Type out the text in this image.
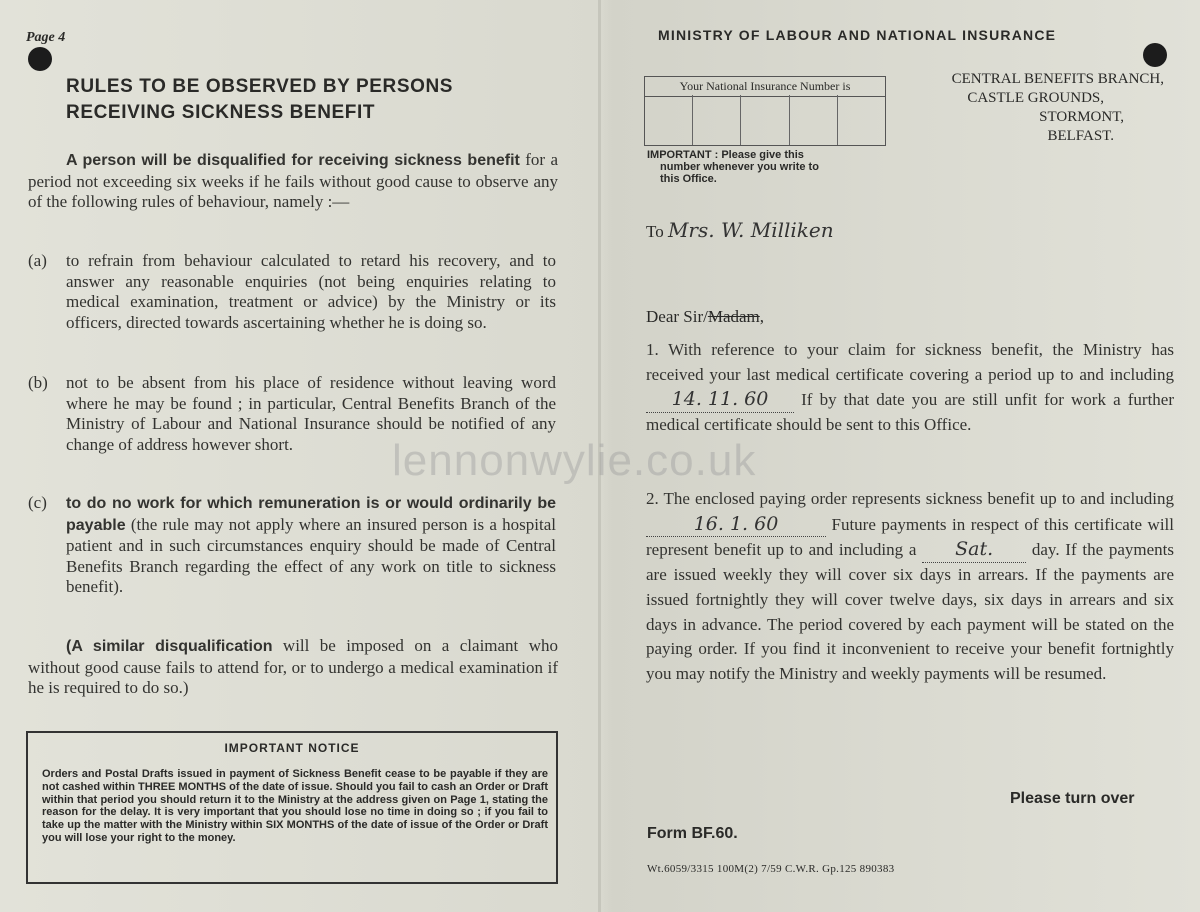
Page 4
RULES TO BE OBSERVED BY PERSONS
RECEIVING SICKNESS BENEFIT
A person will be disqualified for receiving sickness benefit for a period not exceeding six weeks if he fails without good cause to observe any of the following rules of behaviour, namely :—
(a) to refrain from behaviour calculated to retard his recovery, and to answer any reasonable enquiries (not being enquiries relating to medical examination, treatment or advice) by the Ministry or its officers, directed towards ascertaining whether he is doing so.
(b) not to be absent from his place of residence without leaving word where he may be found ; in particular, Central Benefits Branch of the Ministry of Labour and National Insurance should be notified of any change of address however short.
(c) to do no work for which remuneration is or would ordinarily be payable (the rule may not apply where an insured person is a hospital patient and in such circumstances enquiry should be made of Central Benefits Branch regarding the effect of any work on title to sickness benefit).
(A similar disqualification will be imposed on a claimant who without good cause fails to attend for, or to undergo a medical examination if he is required to do so.)
IMPORTANT NOTICE
Orders and Postal Drafts issued in payment of Sickness Benefit cease to be payable if they are not cashed within THREE MONTHS of the date of issue. Should you fail to cash an Order or Draft within that period you should return it to the Ministry at the address given on Page 1, stating the reason for the delay. It is very important that you should lose no time in doing so ; if you fail to take up the matter with the Ministry within SIX MONTHS of the date of issue of the Order or Draft you will lose your right to the money.
lennonwylie.co.uk
MINISTRY OF LABOUR AND NATIONAL INSURANCE
Your National Insurance Number is
IMPORTANT : Please give this
number whenever you write to
this Office.
CENTRAL BENEFITS BRANCH,
CASTLE GROUNDS,
STORMONT,
BELFAST.
To Mrs. W. Milliken
Dear Sir/Madam,
1. With reference to your claim for sickness benefit, the Ministry has received your last medical certificate covering a period up to and including 14. 11. 60 If by that date you are still unfit for work a further medical certificate should be sent to this Office.
2. The enclosed paying order represents sickness benefit up to and including 16. 1. 60	Future payments in respect of this certificate will represent benefit up to and including a Sat. day. If the payments are issued weekly they will cover six days in arrears. If the payments are issued fortnightly they will cover twelve days, six days in arrears and six days in advance. The period covered by each payment will be stated on the paying order. If you find it inconvenient to receive your benefit fortnightly you may notify the Ministry and weekly payments will be resumed.
Please turn over
Form BF.60.
Wt.6059/3315 100M(2) 7/59 C.W.R. Gp.125 890383
